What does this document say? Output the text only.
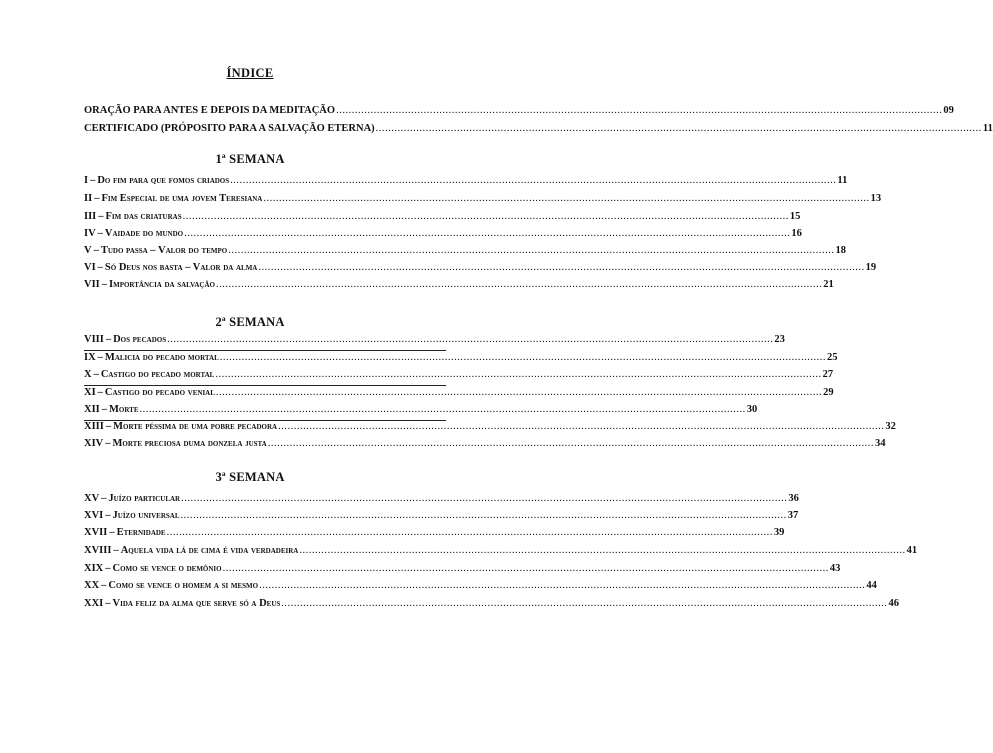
ÍNDICE
ORAÇÃO PARA ANTES E DEPOIS DA MEDITAÇÃO .....	09
CERTIFICADO (PRÓPOSITO PARA A SALVAÇÃO ETERNA) .....	11
1ª SEMANA
I – Do fim para que fomos criados .....	11
II – Fim Especial de uma jovem Teresiana .....	13
III – Fim das criaturas .....	15
IV – Vaidade do mundo .....	16
V – Tudo passa – Valor do tempo .....	18
VI – Só Deus nos basta – Valor da alma .....	19
VII – Importância da salvação .....	21
2ª SEMANA
VIII – Dos pecados .....	23
IX – Malicia do pecado mortal .....	25
X – Castigo do pecado mortal .....	27
XI – Castigo do pecado venial .....	29
XII – Morte .....	30
XIII – Morte péssima de uma pobre pecadora .....	32
XIV – Morte preciosa duma donzela justa .....	34
3ª SEMANA
XV – Juízo particular .....	36
XVI – Juízo universal .....	37
XVII – Eternidade .....	39
XVIII – Aquela vida lá de cima é vida verdadeira .....	41
XIX – Como se vence o demônio .....	43
XX – Como se vence o homem a si mesmo .....	44
XXI – Vida feliz da alma que serve só a Deus .....	46
